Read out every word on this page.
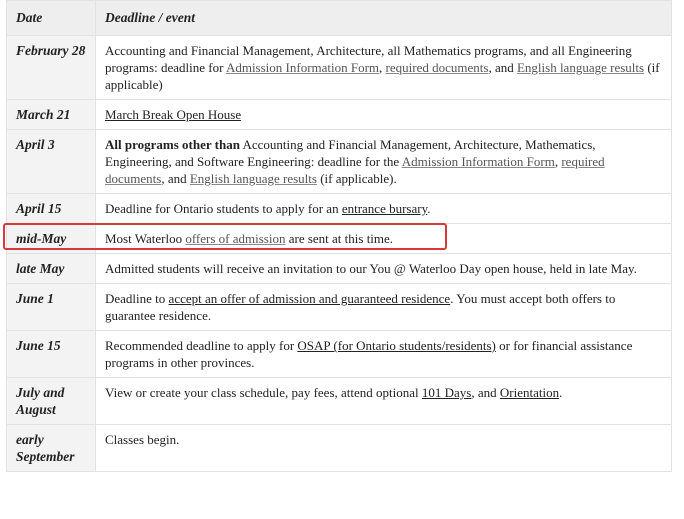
Date	Deadline / event
February 28	Accounting and Financial Management, Architecture, all Mathematics programs, and all Engineering programs: deadline for Admission Information Form, required documents, and English language results (if applicable)
March 21	March Break Open House
April 3	All programs other than Accounting and Financial Management, Architecture, Mathematics, Engineering, and Software Engineering: deadline for the Admission Information Form, required documents, and English language results (if applicable).
April 15	Deadline for Ontario students to apply for an entrance bursary.
mid-May	Most Waterloo offers of admission are sent at this time.
late May	Admitted students will receive an invitation to our You @ Waterloo Day open house, held in late May.
June 1	Deadline to accept an offer of admission and guaranteed residence. You must accept both offers to guarantee residence.
June 15	Recommended deadline to apply for OSAP (for Ontario students/residents) or for financial assistance programs in other provinces.
July and August	View or create your class schedule, pay fees, attend optional 101 Days, and Orientation.
early September	Classes begin.
